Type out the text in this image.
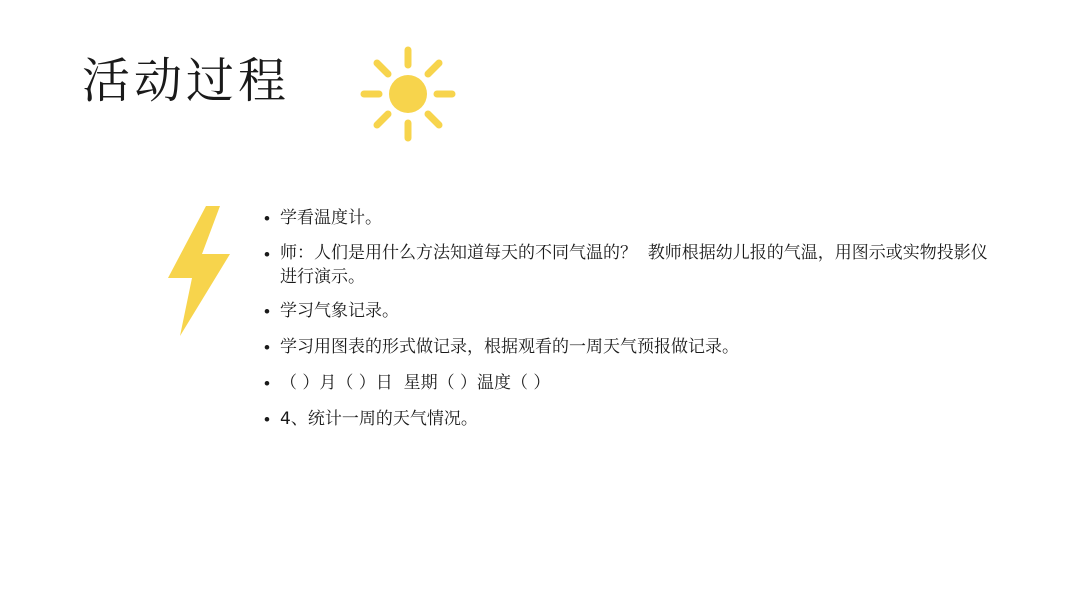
活动过程
• 学看温度计。
• 师：人们是用什么方法知道每天的不同气温的？  教师根据幼儿报的气温，用图示或实物投影仪进行演示。
• 学习气象记录。
• 学习用图表的形式做记录，根据观看的一周天气预报做记录。
• （ ）月（ ）日  星期（ ）温度（ ）
• 4、统计一周的天气情况。
